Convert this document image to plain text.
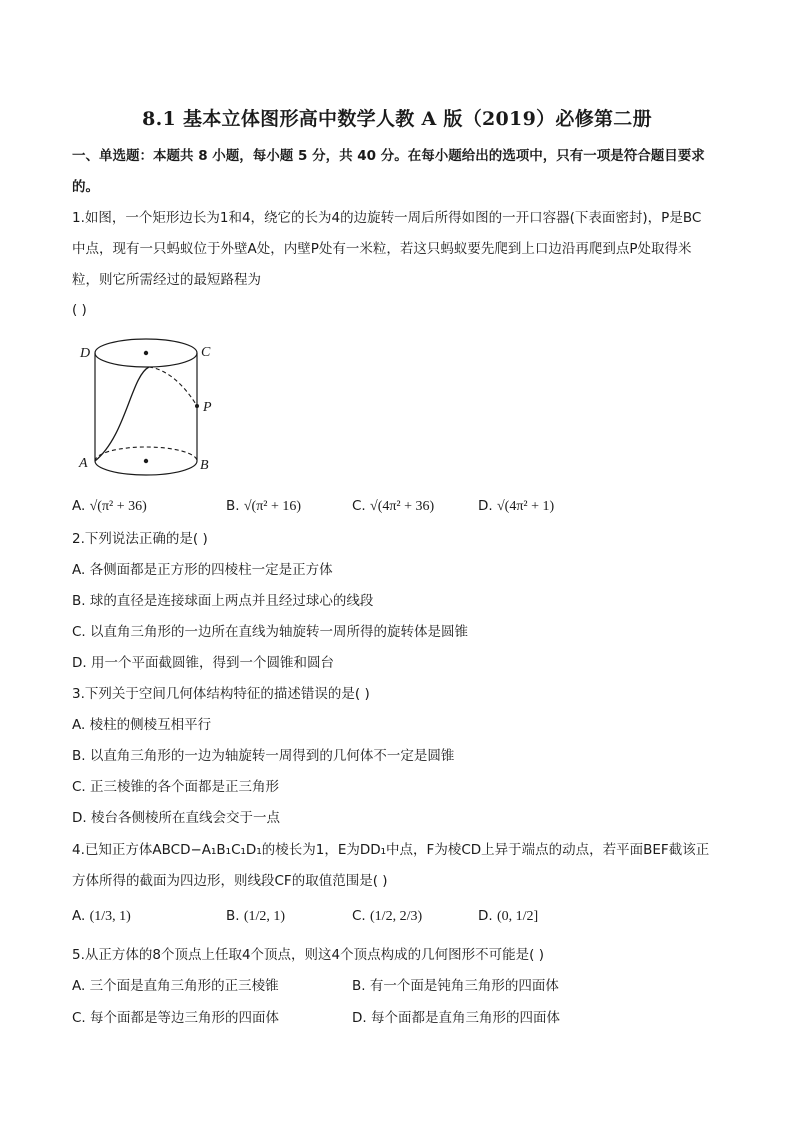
8.1 基本立体图形高中数学人教 A 版（2019）必修第二册
一、单选题：本题共 8 小题，每小题 5 分，共 40 分。在每小题给出的选项中，只有一项是符合题目要求
的。
1.如图，一个矩形边长为1和4，绕它的长为4的边旋转一周后所得如图的一开口容器(下表面密封)，P是BC
中点，现有一只蚂蚁位于外壁A处，内壁P处有一米粒，若这只蚂蚁要先爬到上口边沿再爬到点P处取得米
粒，则它所需经过的最短路程为
( )
D	C
P
A	B
A. √(π² + 36)	B. √(π² + 16)	C. √(4π² + 36)	D. √(4π² + 1)
2.下列说法正确的是( )
A. 各侧面都是正方形的四棱柱一定是正方体
B. 球的直径是连接球面上两点并且经过球心的线段
C. 以直角三角形的一边所在直线为轴旋转一周所得的旋转体是圆锥
D. 用一个平面截圆锥，得到一个圆锥和圆台
3.下列关于空间几何体结构特征的描述错误的是( )
A. 棱柱的侧棱互相平行
B. 以直角三角形的一边为轴旋转一周得到的几何体不一定是圆锥
C. 正三棱锥的各个面都是正三角形
D. 棱台各侧棱所在直线会交于一点
4.已知正方体ABCD−A₁B₁C₁D₁的棱长为1，E为DD₁中点，F为棱CD上异于端点的动点，若平面BEF截该正
方体所得的截面为四边形，则线段CF的取值范围是( )
A. (1/3, 1)	B. (1/2, 1)	C. (1/2, 2/3)	D. (0, 1/2]
5.从正方体的8个顶点上任取4个顶点，则这4个顶点构成的几何图形不可能是( )
A. 三个面是直角三角形的正三棱锥	B. 有一个面是钝角三角形的四面体
C. 每个面都是等边三角形的四面体	D. 每个面都是直角三角形的四面体
